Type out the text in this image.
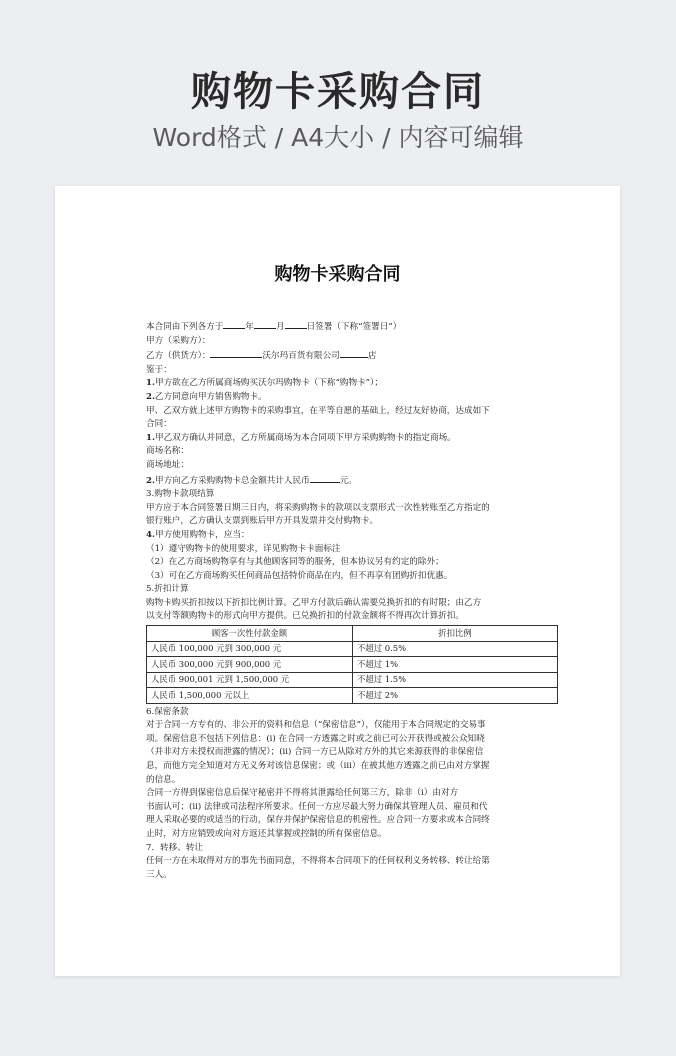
购物卡采购合同
Word格式 / A4大小 / 内容可编辑
购物卡采购合同
本合同由下列各方于	年	月	日签署（下称“签署日”）
甲方（采购方）：
乙方（供货方）：	沃尔玛百货有限公司	店
鉴于：
1.甲方欲在乙方所属商场购买沃尔玛购物卡（下称“购物卡”）；
2.乙方同意向甲方销售购物卡。
甲、乙双方就上述甲方购物卡的采购事宜，在平等自愿的基础上，经过友好协商，达成如下
合同：
1.甲乙双方确认并同意，乙方所属商场为本合同项下甲方采购购物卡的指定商场。
商场名称：
商场地址：
2.甲方向乙方采购购物卡总金额共计人民币	元。
3.购物卡款项结算
甲方应于本合同签署日期三日内，将采购购物卡的款项以支票形式一次性转账至乙方指定的
银行账户，乙方确认支票到账后甲方开具发票并交付购物卡。
4.甲方使用购物卡，应当：
（1）遵守购物卡的使用要求，详见购物卡卡面标注
（2）在乙方商场购物享有与其他顾客同等的服务，但本协议另有约定的除外；
（3）可在乙方商场购买任何商品包括特价商品在内，但不再享有团购折扣优惠。
5.折扣计算
购物卡购买折扣按以下折扣比例计算。乙甲方付款后确认需要兑换折扣的有时限；由乙方
以支付等额购物卡的形式向甲方提供。已兑换折扣的付款金额将不得再次计算折扣。
顾客一次性付款金额	折扣比例
人民币 100,000 元到 300,000 元	不超过 0.5%
人民币 300,000 元到 900,000 元	不超过 1%
人民币 900,001 元到 1,500,000 元	不超过 1.5%
人民币 1,500,000 元以上	不超过 2%
6.保密条款
对于合同一方专有的、非公开的资料和信息（“保密信息”），仅能用于本合同规定的交易事
项。保密信息不包括下列信息：(i) 在合同一方透露之时或之前已可公开获得或被公众知晓
（并非对方未授权而泄露的情况）；(ii) 合同一方已从除对方外的其它来源获得的非保密信
息，而他方完全知道对方无义务对该信息保密；或（iii）在被其他方透露之前已由对方掌握
的信息。
合同一方得到保密信息后保守秘密并不得将其泄露给任何第三方，除非（i）由对方
书面认可；(ii) 法律或司法程序所要求。任何一方应尽最大努力确保其管理人员、雇员和代
理人采取必要的或适当的行动，保存并保护保密信息的机密性。应合同一方要求或本合同终
止时，对方应销毁或向对方返还其掌握或控制的所有保密信息。
7．转移、转让
任何一方在未取得对方的事先书面同意，不得将本合同项下的任何权利义务转移、转让给第
三人。
